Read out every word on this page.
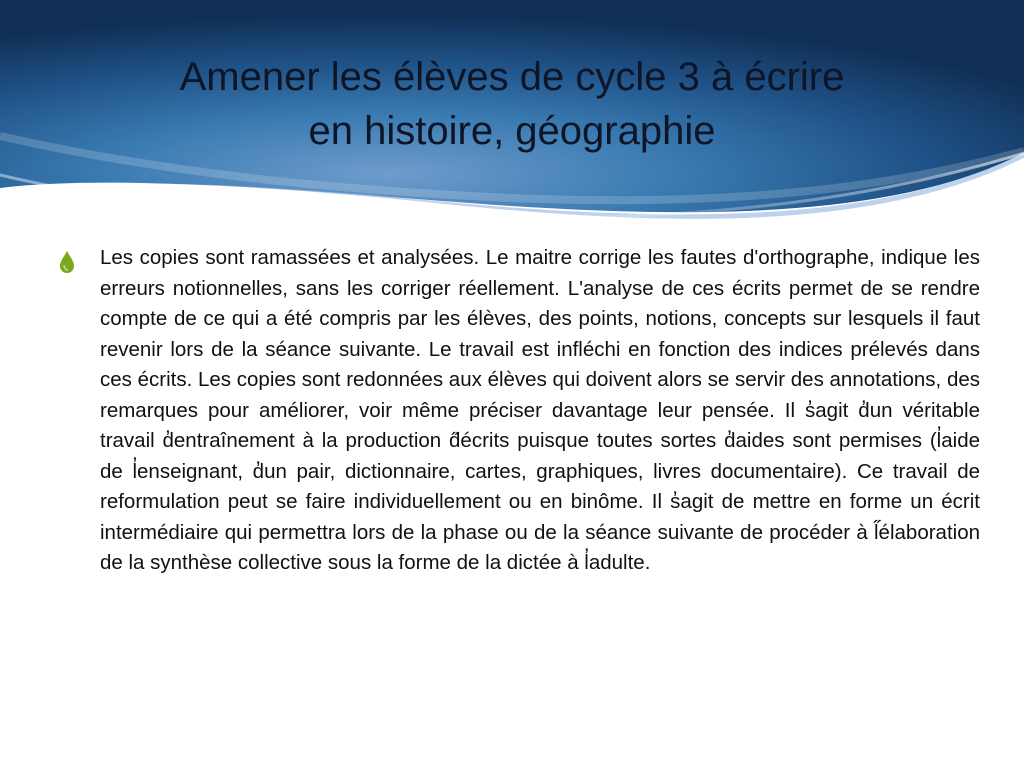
Amener les élèves de cycle 3 à écrire
en histoire, géographie

Les copies sont ramassées et analysées. Le maitre corrige les fautes d'orthographe, indique les erreurs notionnelles, sans les corriger réellement. L'analyse de ces écrits permet de se rendre compte de ce qui a été compris par les élèves, des points, notions, concepts sur lesquels il faut revenir lors de la séance suivante. Le travail est infléchi en fonction des indices prélevés dans ces écrits. Les copies sont redonnées aux élèves qui doivent alors se servir des annotations, des remarques pour améliorer, voir même préciser davantage leur pensée. Il s̓agit d̓un véritable travail d̓entraînement à la production d̋écrits puisque toutes sortes d̓aides sont permises (l̓aide de l̓enseignant, d̓un pair, dictionnaire, cartes, graphiques, livres documentaire). Ce travail de reformulation peut se faire individuellement ou en binôme. Il s̓agit de mettre en forme un écrit intermédiaire qui permettra lors de la phase ou de la séance suivante de procéder à l̋élaboration de la synthèse collective sous la forme de la dictée à l̓adulte.
